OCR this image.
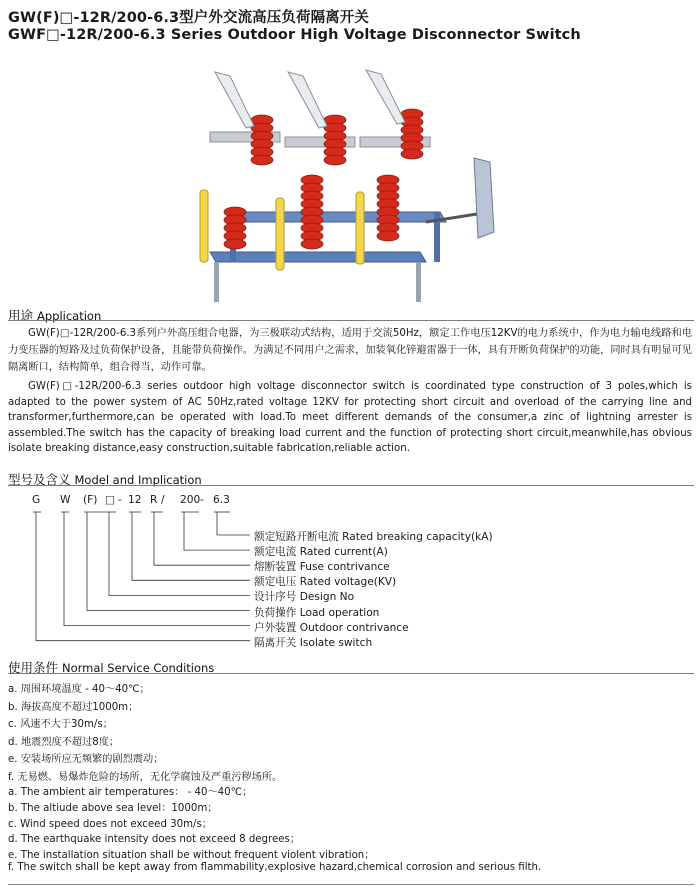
GW(F)□-12R/200-6.3型户外交流高压负荷隔离开关
GWF□-12R/200-6.3 Series Outdoor High Voltage Disconnector Switch
用途 Application
GW(F)□-12R/200-6.3系列户外高压组合电器，为三极联动式结构，适用于交流50Hz，额定工作电压12KV的电力系统中，作为电力输电线路和电力变压器的短路及过负荷保护设备，且能带负荷操作。为满足不同用户之需求，加装氧化锌避雷器于一体，具有开断负荷保护的功能，同时具有明显可见隔离断口，结构简单，组合得当，动作可靠。
GW(F)□-12R/200-6.3 series outdoor high voltage disconnector switch is coordinated type construction of 3 poles,which is adapted to the power system of AC 50Hz,rated voltage 12KV for protecting short circuit and overload of the carrying line and transformer,furthermore,can be operated with load.To meet different demands of the consumer,a zinc of lightning arrester is assembled.The switch has the capacity of breaking load current and the function of protecting short circuit,meanwhile,has obvious isolate breaking distance,easy construction,suitable fabrication,reliable action.
型号及含义 Model and Implication
G W (F) □ - 12 R / 200 - 6.3
额定短路开断电流 Rated breaking capacity(kA)
额定电流 Rated current(A)
熔断装置 Fuse contrivance
额定电压 Rated voltage(KV)
设计序号 Design No
负荷操作 Load operation
户外装置 Outdoor contrivance
隔离开关 Isolate switch
使用条件 Normal Service Conditions
a. 周围环境温度 - 40～40℃；
b. 海拔高度不超过1000m；
c. 风速不大于30m/s；
d. 地震烈度不超过8度；
e. 安装场所应无频繁的剧烈震动；
f. 无易燃、易爆炸危险的场所，无化学腐蚀及严重污秽场所。
a. The ambient air temperatures： - 40～40℃；
b. The altiude above sea level：1000m；
c. Wind speed does not exceed 30m/s；
d. The earthquake intensity does not exceed 8 degrees；
e. The installation situation shall be without frequent violent vibration；
f. The switch shall be kept away from flammability,explosive hazard,chemical corrosion and serious filth.
